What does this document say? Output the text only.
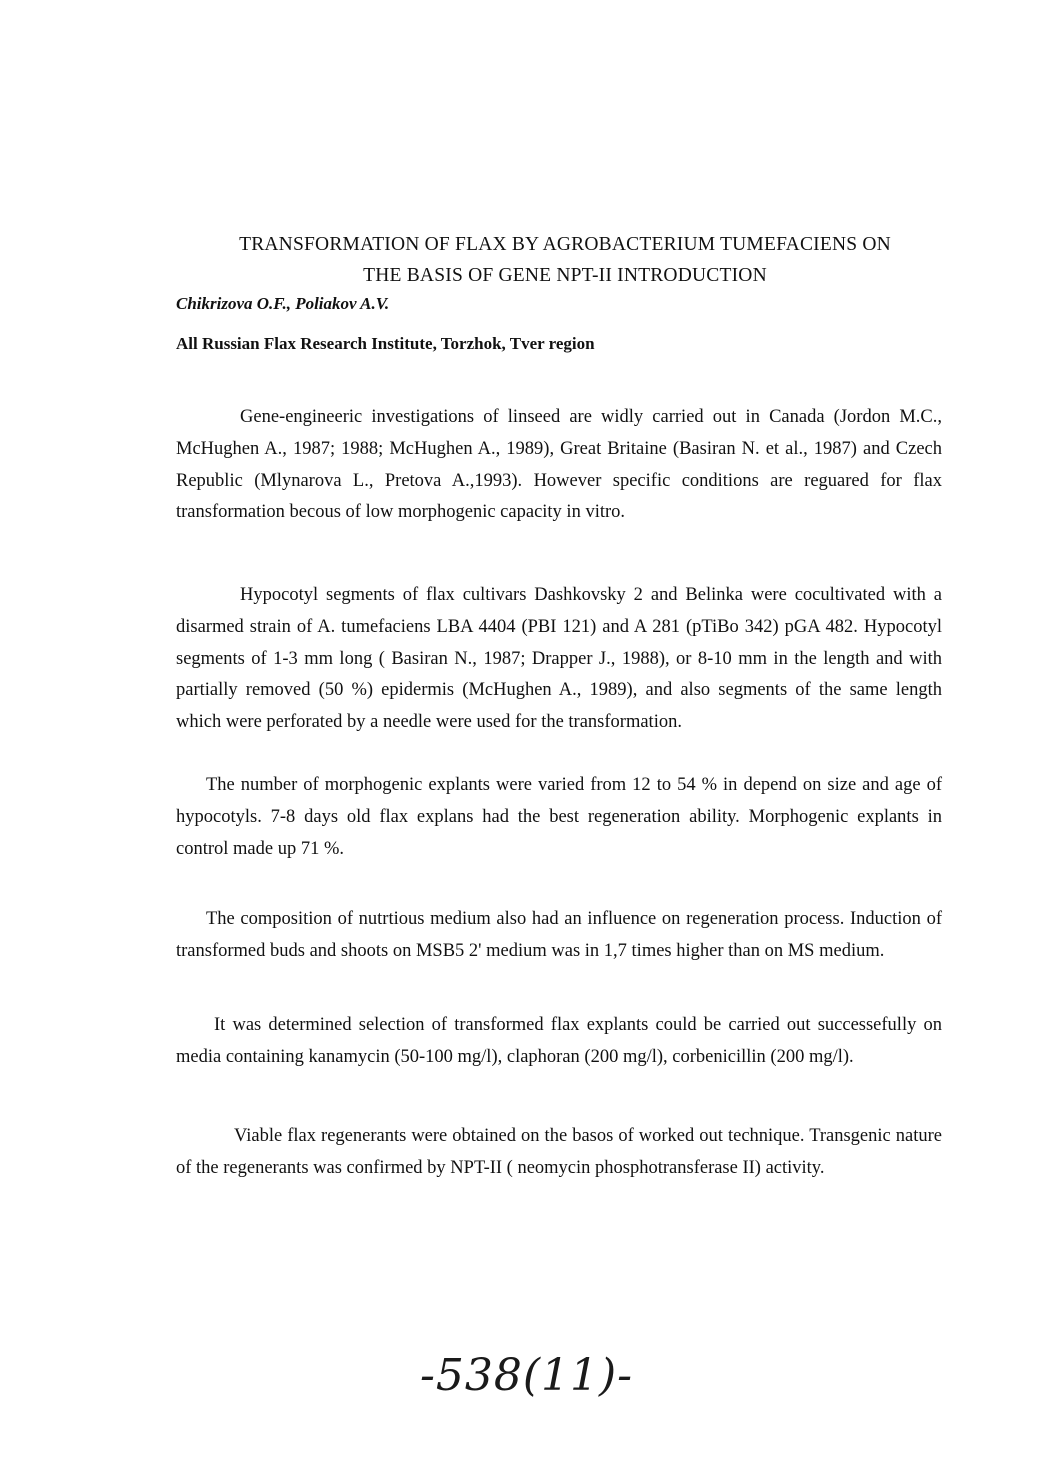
TRANSFORMATION OF FLAX BY AGROBACTERIUM TUMEFACIENS ON
THE BASIS OF GENE NPT-II INTRODUCTION
Chikrizova O.F., Poliakov A.V.
All Russian Flax Research Institute, Torzhok, Tver region

Gene-engineeric investigations of linseed are widly carried out in Canada (Jordon M.C., McHughen A., 1987; 1988; McHughen A., 1989), Great Britaine (Basiran N. et al., 1987) and Czech Republic (Mlynarova L., Pretova A.,1993). However specific conditions are reguared for flax transformation becous of low morphogenic capacity in vitro.

Hypocotyl segments of flax cultivars Dashkovsky 2 and Belinka were cocultivated with a disarmed strain of A. tumefaciens LBA 4404 (PBI 121) and A 281 (pTiBo 342) pGA 482. Hypocotyl segments of 1-3 mm long ( Basiran N., 1987; Drapper J., 1988), or 8-10 mm in the length and with partially removed (50 %) epidermis (McHughen A., 1989), and also segments of the same length which were perforated by a needle were used for the transformation.

The number of morphogenic explants were varied from 12 to 54 % in depend on size and age of hypocotyls. 7-8 days old flax explans had the best regeneration ability. Morphogenic explants in control made up 71 %.

The composition of nutrtious medium also had an influence on regeneration process. Induction of transformed buds and shoots on MSB5 2' medium was in 1,7 times higher than on MS medium.

It was determined selection of transformed flax explants could be carried out successefully on media containing kanamycin (50-100 mg/l), claphoran (200 mg/l), corbenicillin (200 mg/l).

Viable flax regenerants were obtained on the basos of worked out technique. Transgenic nature of the regenerants was confirmed by NPT-II ( neomycin phosphotransferase II) activity.

-538(11)-
